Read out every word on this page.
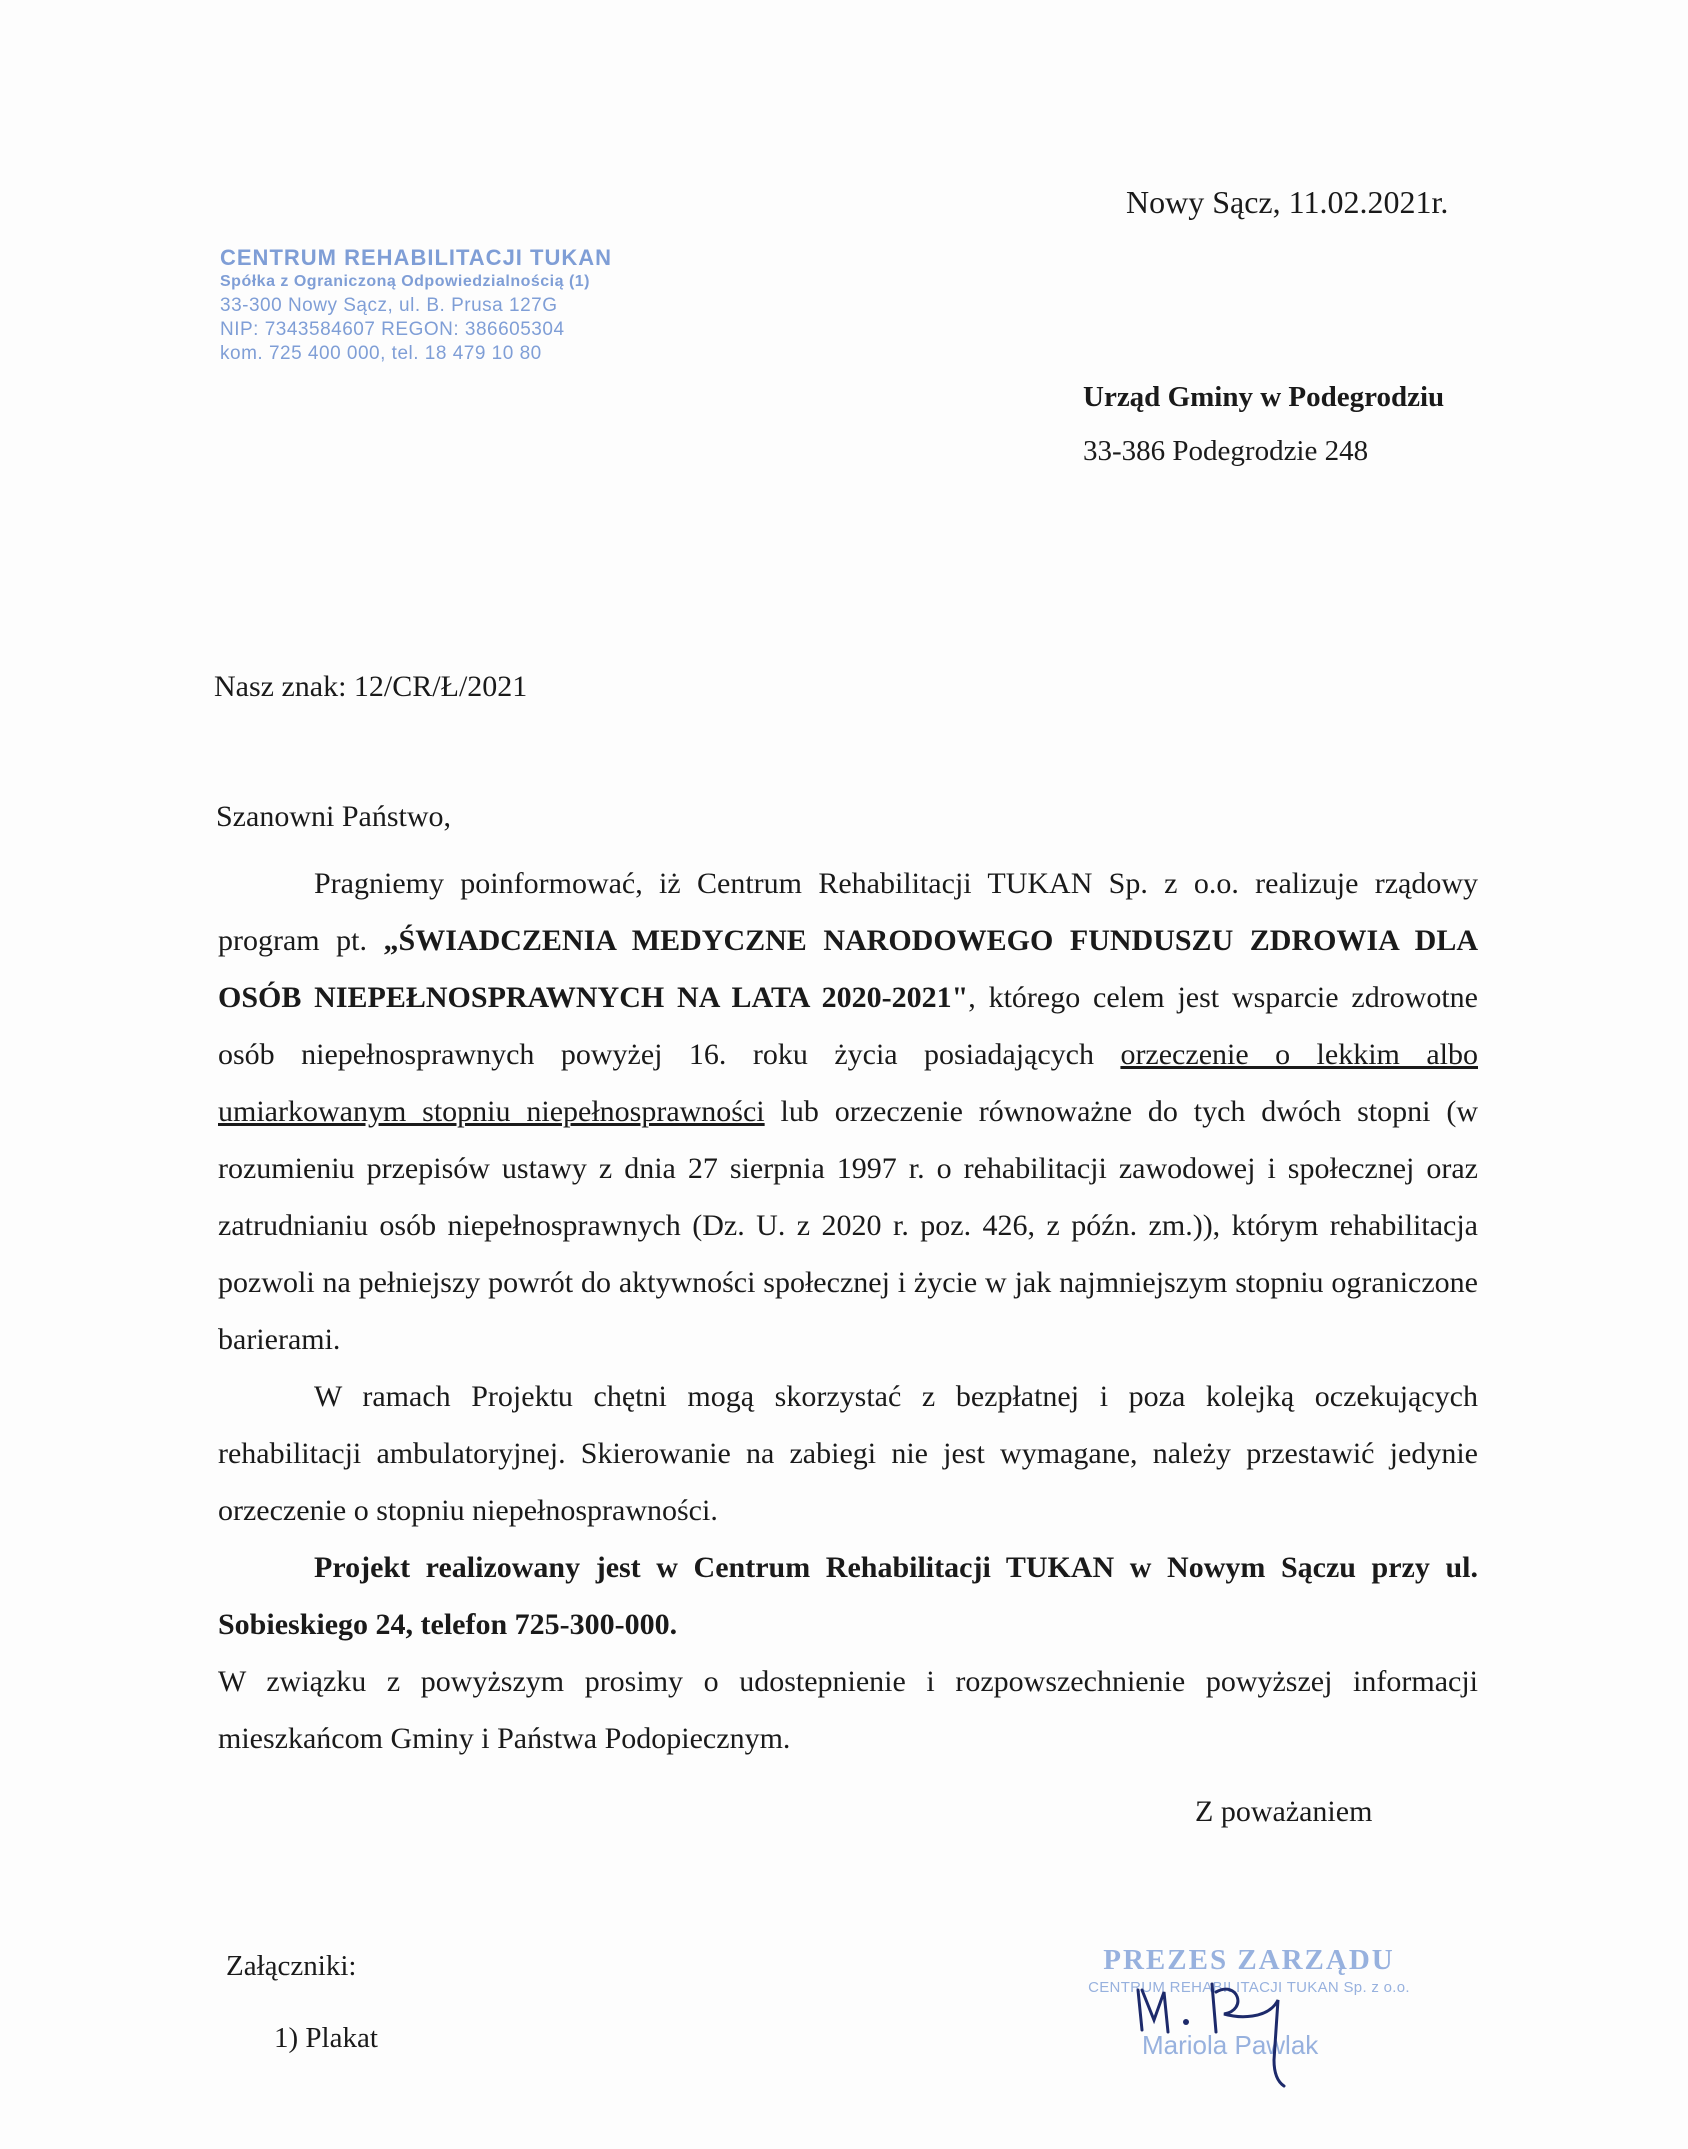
Nowy Sącz, 11.02.2021r.
CENTRUM REHABILITACJI TUKAN
Spółka z Ograniczoną Odpowiedzialnością (1)
33-300 Nowy Sącz, ul. B. Prusa 127G
NIP: 7343584607 REGON: 386605304
kom. 725 400 000, tel. 18 479 10 80
Urząd Gminy w Podegrodziu
33-386 Podegrodzie 248
Nasz znak: 12/CR/Ł/2021
Szanowni Państwo,

Pragniemy poinformować, iż Centrum Rehabilitacji TUKAN Sp. z o.o. realizuje rządowy program pt. „ŚWIADCZENIA MEDYCZNE NARODOWEGO FUNDUSZU ZDROWIA DLA OSÓB NIEPEŁNOSPRAWNYCH NA LATA 2020-2021", którego celem jest wsparcie zdrowotne osób niepełnosprawnych powyżej 16. roku życia posiadających orzeczenie o lekkim albo umiarkowanym stopniu niepełnosprawności lub orzeczenie równoważne do tych dwóch stopni (w rozumieniu przepisów ustawy z dnia 27 sierpnia 1997 r. o rehabilitacji zawodowej i społecznej oraz zatrudnianiu osób niepełnosprawnych (Dz. U. z 2020 r. poz. 426, z późn. zm.)), którym rehabilitacja pozwoli na pełniejszy powrót do aktywności społecznej i życie w jak najmniejszym stopniu ograniczone barierami.

W ramach Projektu chętni mogą skorzystać z bezpłatnej i poza kolejką oczekujących rehabilitacji ambulatoryjnej. Skierowanie na zabiegi nie jest wymagane, należy przestawić jedynie orzeczenie o stopniu niepełnosprawności.

Projekt realizowany jest w Centrum Rehabilitacji TUKAN w Nowym Sączu przy ul. Sobieskiego 24, telefon 725-300-000.

W związku z powyższym prosimy o udostepnienie i rozpowszechnienie powyższej informacji mieszkańcom Gminy i Państwa Podopiecznym.

Z poważaniem
Załączniki:
1) Plakat
PREZES ZARZĄDU
CENTRUM REHABILITACJI TUKAN Sp. z o.o.
Mariola Pawlak
